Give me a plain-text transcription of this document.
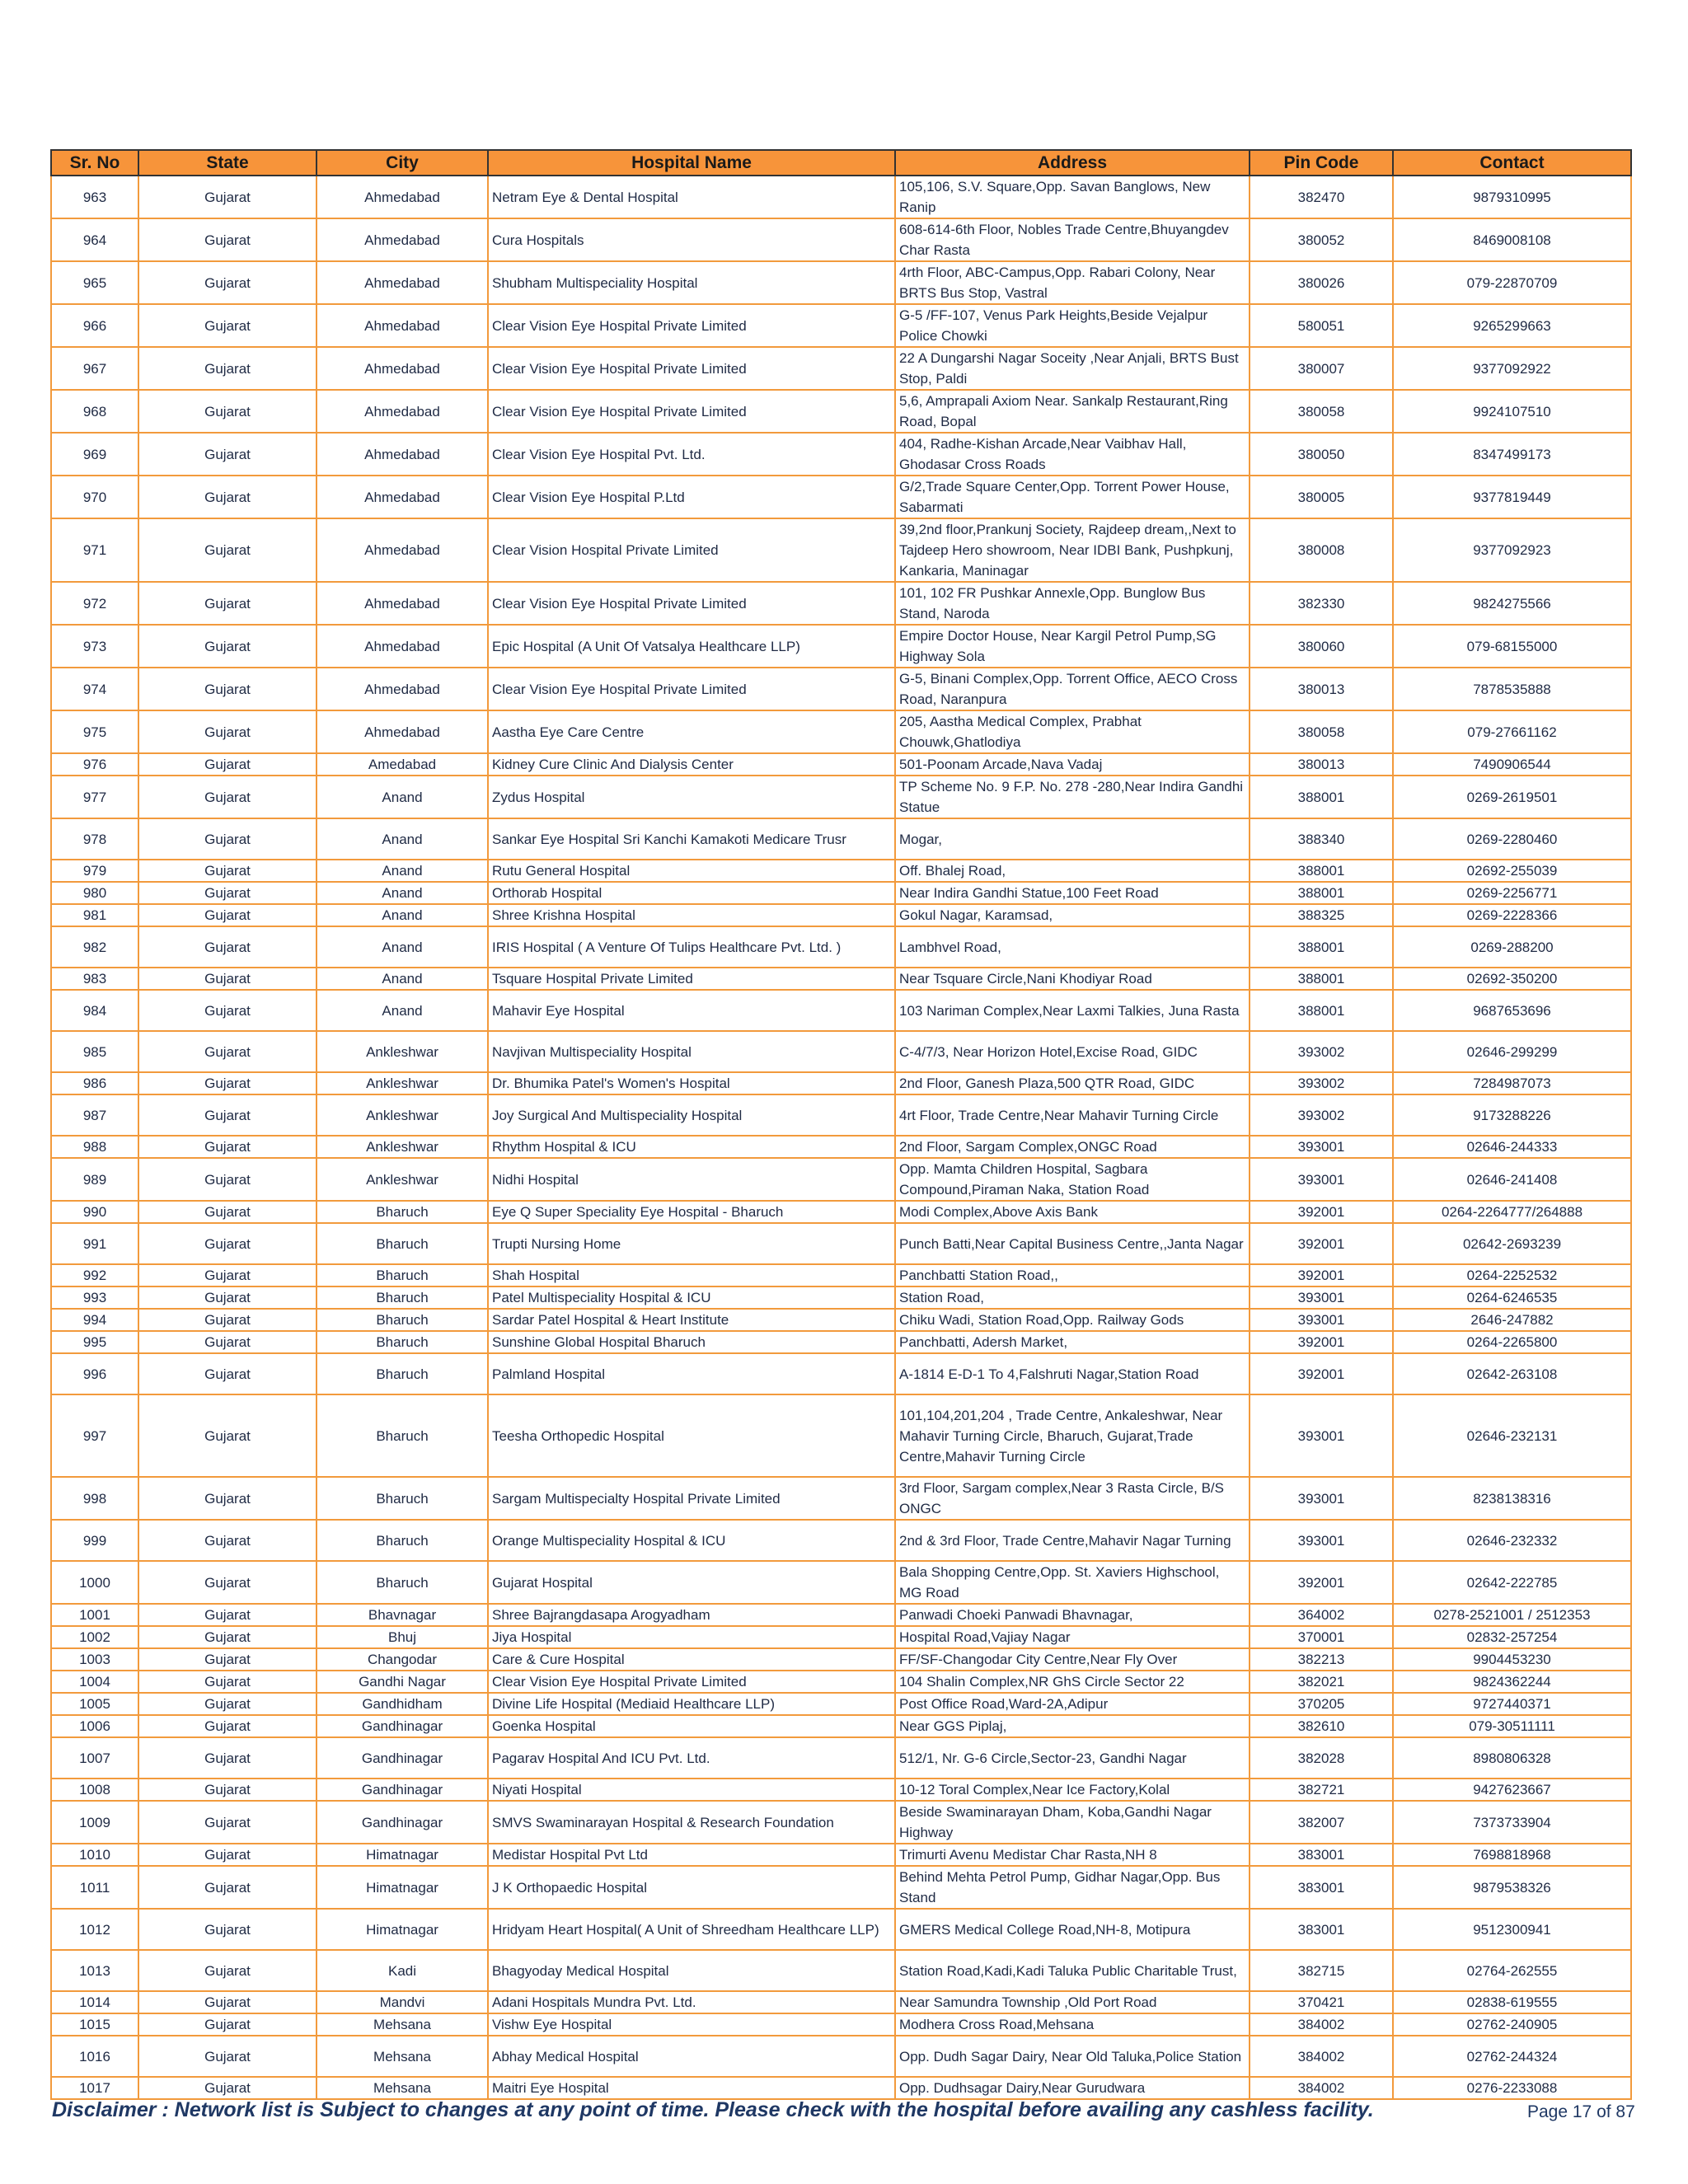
Sr. No	State	City	Hospital Name	Address	Pin Code	Contact
963	Gujarat	Ahmedabad	Netram Eye & Dental Hospital	105,106, S.V. Square,Opp. Savan Banglows, New Ranip	382470	9879310995
964	Gujarat	Ahmedabad	Cura Hospitals	608-614-6th Floor, Nobles Trade Centre,Bhuyangdev Char Rasta	380052	8469008108
965	Gujarat	Ahmedabad	Shubham Multispeciality Hospital	4rth Floor, ABC-Campus,Opp. Rabari Colony, Near BRTS Bus Stop, Vastral	380026	079-22870709
966	Gujarat	Ahmedabad	Clear Vision Eye Hospital Private Limited	G-5 /FF-107, Venus Park Heights,Beside Vejalpur Police Chowki	580051	9265299663
967	Gujarat	Ahmedabad	Clear Vision Eye Hospital Private Limited	22 A Dungarshi Nagar Soceity ,Near Anjali, BRTS Bust Stop, Paldi	380007	9377092922
968	Gujarat	Ahmedabad	Clear Vision Eye Hospital Private Limited	5,6, Amprapali Axiom Near. Sankalp Restaurant,Ring Road, Bopal	380058	9924107510
969	Gujarat	Ahmedabad	Clear Vision Eye Hospital Pvt. Ltd.	404, Radhe-Kishan Arcade,Near Vaibhav Hall, Ghodasar Cross Roads	380050	8347499173
970	Gujarat	Ahmedabad	Clear Vision Eye Hospital P.Ltd	G/2,Trade Square Center,Opp. Torrent Power House, Sabarmati	380005	9377819449
971	Gujarat	Ahmedabad	Clear Vision Hospital Private Limited	39,2nd floor,Prankunj Society, Rajdeep dream,,Next to Tajdeep Hero showroom, Near IDBI Bank, Pushpkunj, Kankaria, Maninagar	380008	9377092923
972	Gujarat	Ahmedabad	Clear Vision Eye Hospital Private Limited	101, 102 FR Pushkar Annexle,Opp. Bunglow Bus Stand, Naroda	382330	9824275566
973	Gujarat	Ahmedabad	Epic Hospital (A Unit Of Vatsalya Healthcare LLP)	Empire Doctor House, Near Kargil Petrol Pump,SG Highway Sola	380060	079-68155000
974	Gujarat	Ahmedabad	Clear Vision Eye Hospital Private Limited	G-5, Binani Complex,Opp. Torrent Office, AECO Cross Road, Naranpura	380013	7878535888
975	Gujarat	Ahmedabad	Aastha Eye Care Centre	205, Aastha Medical Complex, Prabhat Chouwk,Ghatlodiya	380058	079-27661162
976	Gujarat	Amedabad	Kidney Cure Clinic And Dialysis Center	501-Poonam Arcade,Nava Vadaj	380013	7490906544
977	Gujarat	Anand	Zydus Hospital	TP Scheme No. 9 F.P. No. 278 -280,Near Indira Gandhi Statue	388001	0269-2619501
978	Gujarat	Anand	Sankar Eye Hospital Sri Kanchi Kamakoti Medicare Trusr	Mogar,	388340	0269-2280460
979	Gujarat	Anand	Rutu General Hospital	Off. Bhalej Road,	388001	02692-255039
980	Gujarat	Anand	Orthorab Hospital	Near Indira Gandhi Statue,100 Feet Road	388001	0269-2256771
981	Gujarat	Anand	Shree Krishna Hospital	Gokul Nagar, Karamsad,	388325	0269-2228366
982	Gujarat	Anand	IRIS Hospital ( A Venture Of Tulips Healthcare Pvt. Ltd. )	Lambhvel Road,	388001	0269-288200
983	Gujarat	Anand	Tsquare Hospital Private Limited	Near Tsquare Circle,Nani Khodiyar Road	388001	02692-350200
984	Gujarat	Anand	Mahavir Eye Hospital	103 Nariman Complex,Near Laxmi Talkies, Juna Rasta	388001	9687653696
985	Gujarat	Ankleshwar	Navjivan Multispeciality Hospital	C-4/7/3, Near Horizon Hotel,Excise Road, GIDC	393002	02646-299299
986	Gujarat	Ankleshwar	Dr. Bhumika Patel's Women's Hospital	2nd Floor, Ganesh Plaza,500 QTR Road, GIDC	393002	7284987073
987	Gujarat	Ankleshwar	Joy Surgical And Multispeciality Hospital	4rt Floor, Trade Centre,Near Mahavir Turning Circle	393002	9173288226
988	Gujarat	Ankleshwar	Rhythm Hospital & ICU	2nd Floor, Sargam Complex,ONGC Road	393001	02646-244333
989	Gujarat	Ankleshwar	Nidhi Hospital	Opp. Mamta Children Hospital, Sagbara Compound,Piraman Naka, Station Road	393001	02646-241408
990	Gujarat	Bharuch	Eye Q Super Speciality Eye Hospital - Bharuch	Modi Complex,Above Axis Bank	392001	0264-2264777/264888
991	Gujarat	Bharuch	Trupti Nursing Home	Punch Batti,Near Capital Business Centre,,Janta Nagar	392001	02642-2693239
992	Gujarat	Bharuch	Shah Hospital	Panchbatti Station Road,,	392001	0264-2252532
993	Gujarat	Bharuch	Patel Multispeciality Hospital & ICU	Station Road,	393001	0264-6246535
994	Gujarat	Bharuch	Sardar Patel Hospital & Heart Institute	Chiku Wadi, Station Road,Opp. Railway Gods	393001	2646-247882
995	Gujarat	Bharuch	Sunshine Global Hospital Bharuch	Panchbatti, Adersh Market,	392001	0264-2265800
996	Gujarat	Bharuch	Palmland Hospital	A-1814 E-D-1 To 4,Falshruti Nagar,Station Road	392001	02642-263108
997	Gujarat	Bharuch	Teesha Orthopedic Hospital	101,104,201,204 , Trade Centre, Ankaleshwar, Near Mahavir Turning Circle, Bharuch, Gujarat,Trade Centre,Mahavir Turning Circle	393001	02646-232131
998	Gujarat	Bharuch	Sargam Multispecialty Hospital Private Limited	3rd Floor, Sargam complex,Near 3 Rasta Circle, B/S ONGC	393001	8238138316
999	Gujarat	Bharuch	Orange Multispeciality Hospital & ICU	2nd & 3rd Floor, Trade Centre,Mahavir Nagar Turning	393001	02646-232332
1000	Gujarat	Bharuch	Gujarat Hospital	Bala Shopping Centre,Opp. St. Xaviers Highschool, MG Road	392001	02642-222785
1001	Gujarat	Bhavnagar	Shree Bajrangdasapa Arogyadham	Panwadi Choeki Panwadi Bhavnagar,	364002	0278-2521001 / 2512353
1002	Gujarat	Bhuj	Jiya Hospital	Hospital Road,Vajiay Nagar	370001	02832-257254
1003	Gujarat	Changodar	Care & Cure Hospital	FF/SF-Changodar City Centre,Near Fly Over	382213	9904453230
1004	Gujarat	Gandhi Nagar	Clear Vision Eye Hospital Private Limited	104 Shalin Complex,NR GhS Circle Sector 22	382021	9824362244
1005	Gujarat	Gandhidham	Divine Life Hospital (Mediaid Healthcare LLP)	Post Office Road,Ward-2A,Adipur	370205	9727440371
1006	Gujarat	Gandhinagar	Goenka Hospital	Near GGS Piplaj,	382610	079-30511111
1007	Gujarat	Gandhinagar	Pagarav Hospital And ICU Pvt. Ltd.	512/1, Nr. G-6 Circle,Sector-23, Gandhi Nagar	382028	8980806328
1008	Gujarat	Gandhinagar	Niyati Hospital	10-12 Toral Complex,Near Ice Factory,Kolal	382721	9427623667
1009	Gujarat	Gandhinagar	SMVS Swaminarayan Hospital & Research Foundation	Beside Swaminarayan Dham, Koba,Gandhi Nagar Highway	382007	7373733904
1010	Gujarat	Himatnagar	Medistar Hospital Pvt Ltd	Trimurti Avenu Medistar Char Rasta,NH 8	383001	7698818968
1011	Gujarat	Himatnagar	J K Orthopaedic Hospital	Behind Mehta Petrol Pump, Gidhar Nagar,Opp. Bus Stand	383001	9879538326
1012	Gujarat	Himatnagar	Hridyam Heart Hospital( A Unit of Shreedham Healthcare LLP)	GMERS Medical College Road,NH-8, Motipura	383001	9512300941
1013	Gujarat	Kadi	Bhagyoday Medical Hospital	Station Road,Kadi,Kadi Taluka Public Charitable Trust,	382715	02764-262555
1014	Gujarat	Mandvi	Adani Hospitals Mundra Pvt. Ltd.	Near Samundra Township ,Old Port Road	370421	02838-619555
1015	Gujarat	Mehsana	Vishw Eye Hospital	Modhera Cross Road,Mehsana	384002	02762-240905
1016	Gujarat	Mehsana	Abhay Medical Hospital	Opp. Dudh Sagar Dairy, Near Old Taluka,Police Station	384002	02762-244324
1017	Gujarat	Mehsana	Maitri Eye Hospital	Opp. Dudhsagar Dairy,Near Gurudwara	384002	0276-2233088
Disclaimer : Network list is Subject to changes at any point of time. Please check with the hospital before availing any cashless facility.	Page 17 of 87
